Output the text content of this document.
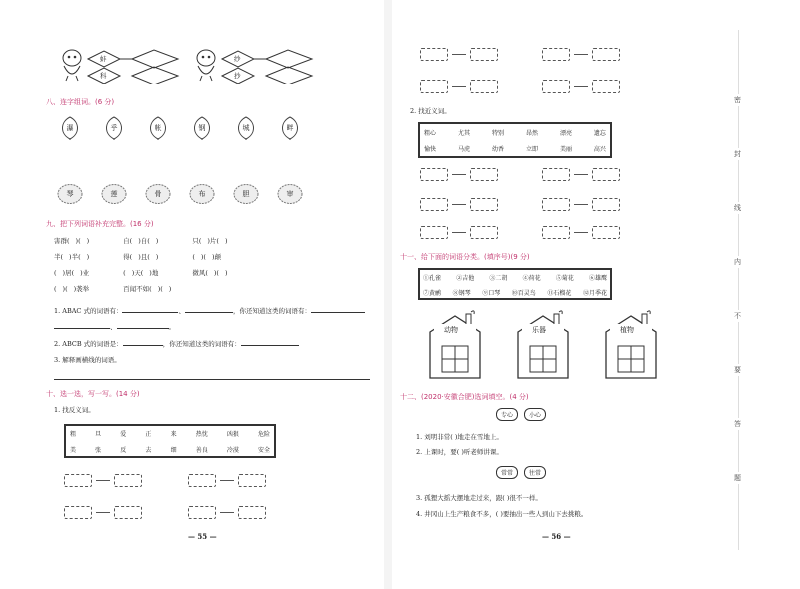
蚌
科
纱
抄
八、连字组词。(6 分)
瀑	乎	帐	钢	城	畔
琴	莲	骨	布	胆	审
九、把下列词语补充完整。(16 分)
害群( )( )	自( )自( )	只( )片( )
半( )半( )	得( )且( )	( )( )颠
( )居( )业	( )天( )地	微风( )( )
( )( )袭举	百闻不如( )( )
1. ABAC 式的词语有：	、	，你还知道这类的词语有：
、	。
2. ABCB 式的词语是：	，你还知道这类的词语有：
3. 解释画横线的词语。
十、选一选，写一写。(14 分)
1. 找反义词。
粗	旦	爱	正	来	热忱	凶狠	危险
美	张	反	去	细	善良	冷漠	安全
— 55 —
2. 找近义词。
粗心	尤其	特别	昂然	漂亮	遗忘
愉快	马虎	幼香	立即	美丽	高兴
十一、给下面的词语分类。(填序号)(9 分)
①孔雀	②吉他	③二胡	④荷花	⑤菊花	⑥雄鹰
⑦黄鹂 ⑧钢琴 ⑨口琴 ⑩百灵鸟 ⑪石榴花 ⑫月季花
动物	乐器	植物
十二、(2020·安徽合肥)选词填空。(4 分)
专心	小心
1. 刘明非常( )地走在雪地上。
2. 上课时，要( )听老师讲课。
常常	往常
3. 孤狸大摇大摆地走过来，跟( )很不一样。
4. 井冈山上生产粮食不多，( )要抽出一些人到山下去挑粮。
— 56 —
密
封
线
内
不
要
答
题
